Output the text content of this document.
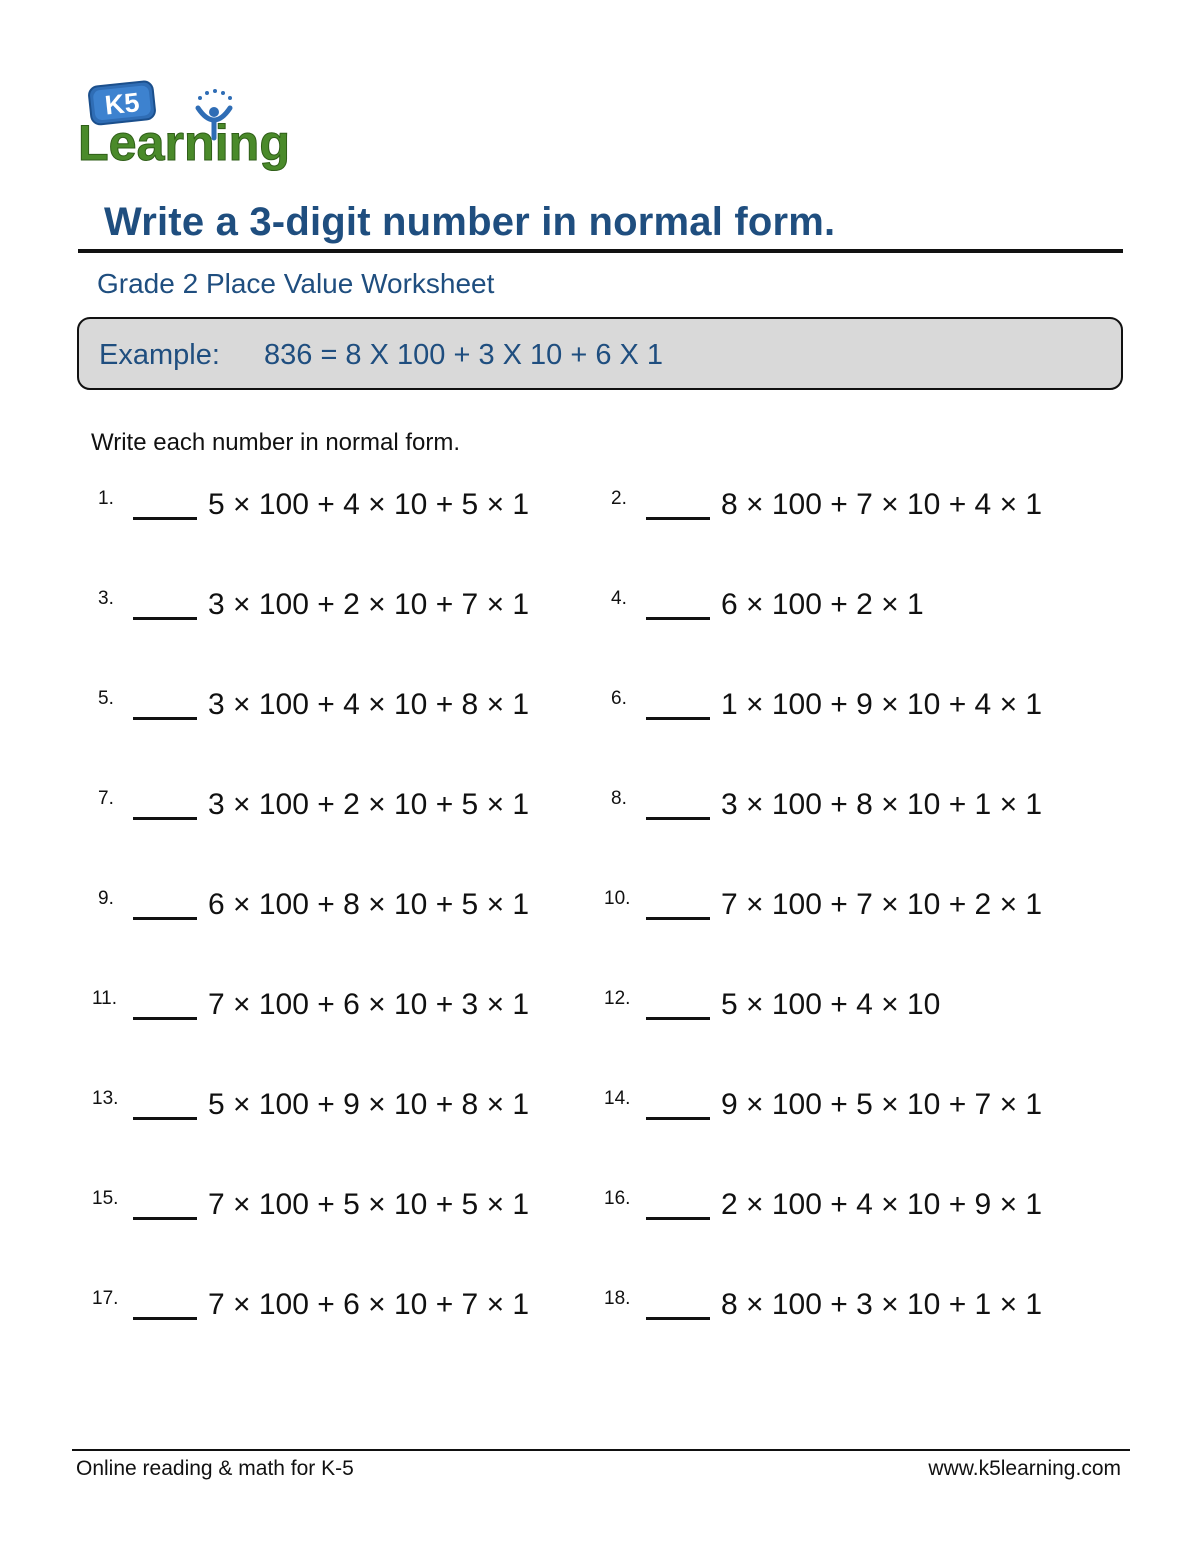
K5
Learning
Write a 3-digit number in normal form.
Grade 2 Place Value Worksheet
Example: 836 = 8 X 100 + 3 X 10 + 6 X 1
Write each number in normal form.
1.	5 × 100 + 4 × 10 + 5 × 1	2.	8 × 100 + 7 × 10 + 4 × 1
3.	3 × 100 + 2 × 10 + 7 × 1	4.	6 × 100 + 2 × 1
5.	3 × 100 + 4 × 10 + 8 × 1	6.	1 × 100 + 9 × 10 + 4 × 1
7.	3 × 100 + 2 × 10 + 5 × 1	8.	3 × 100 + 8 × 10 + 1 × 1
9.	6 × 100 + 8 × 10 + 5 × 1	10.	7 × 100 + 7 × 10 + 2 × 1
11.	7 × 100 + 6 × 10 + 3 × 1	12.	5 × 100 + 4 × 10
13.	5 × 100 + 9 × 10 + 8 × 1	14.	9 × 100 + 5 × 10 + 7 × 1
15.	7 × 100 + 5 × 10 + 5 × 1	16.	2 × 100 + 4 × 10 + 9 × 1
17.	7 × 100 + 6 × 10 + 7 × 1	18.	8 × 100 + 3 × 10 + 1 × 1
Online reading & math for K-5	www.k5learning.com
